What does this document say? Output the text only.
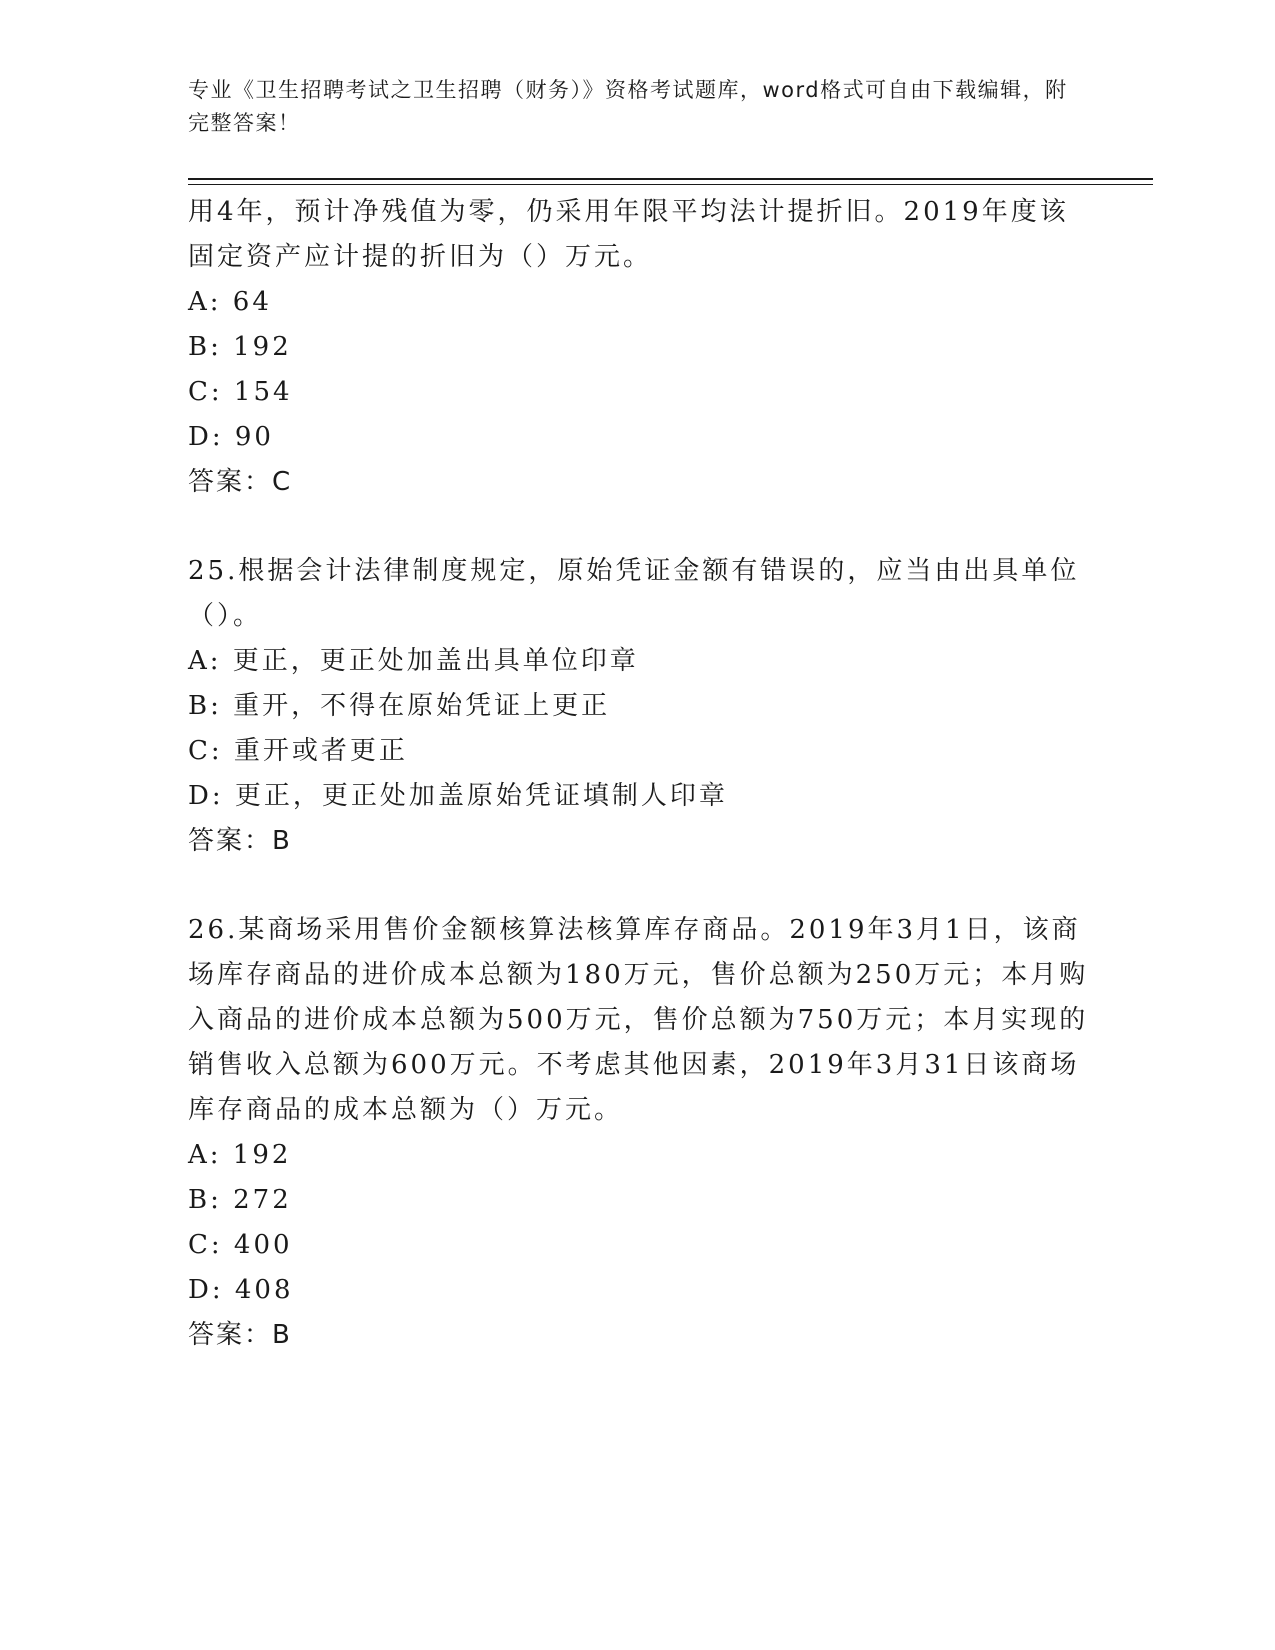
专业《卫生招聘考试之卫生招聘（财务）》资格考试题库，word格式可自由下载编辑，附完整答案！
用4年，预计净残值为零，仍采用年限平均法计提折旧。2019年度该固定资产应计提的折旧为（）万元。
A: 64
B: 192
C: 154
D: 90
答案：C
25.根据会计法律制度规定，原始凭证金额有错误的，应当由出具单位（）。
A: 更正，更正处加盖出具单位印章
B: 重开，不得在原始凭证上更正
C: 重开或者更正
D: 更正，更正处加盖原始凭证填制人印章
答案：B
26.某商场采用售价金额核算法核算库存商品。2019年3月1日，该商场库存商品的进价成本总额为180万元，售价总额为250万元；本月购入商品的进价成本总额为500万元，售价总额为750万元；本月实现的销售收入总额为600万元。不考虑其他因素，2019年3月31日该商场库存商品的成本总额为（）万元。
A: 192
B: 272
C: 400
D: 408
答案：B
